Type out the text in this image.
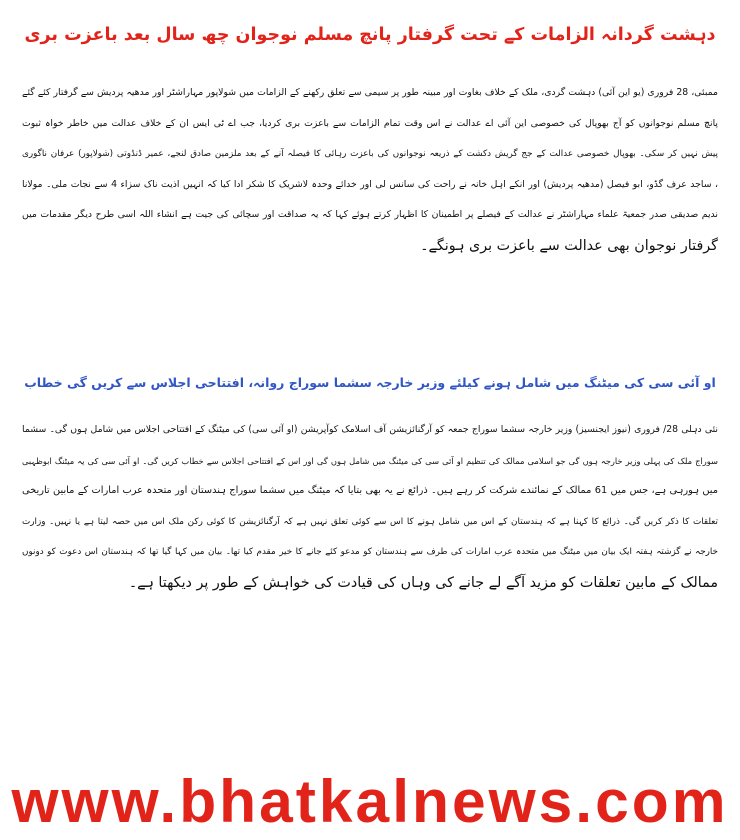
دہشت گردانہ الزامات کے تحت گرفتار پانچ مسلم نوجوان چھ سال بعد باعزت بری
ممبئی، 28 فروری (یو این آئی) دہشت گردی، ملک کے خلاف بغاوت اور مبینہ طور پر سیمی سے تعلق رکھنے کے الزامات میں شولاپور مہاراشٹر اور مدھیہ پردیش سے گرفتار کئے گئے
پانچ مسلم نوجوانوں کو آج بھوپال کی خصوصی این آئی اے عدالت نے اس وقت تمام الزامات سے باعزت بری کردیا، جب اے ٹی ایس ان کے خلاف عدالت میں خاطر خواہ ثبوت
پیش نہیں کر سکی۔ بھوپال خصوصی عدالت کے جج گریش دکشت کے ذریعہ نوجوانوں کی باعزت رہائی کا فیصلہ آنے کے بعد ملزمین صادق لنجے، عمیر ڈنڈوتی (شولاپور) عرفان ناگوری
، ساجد عرف گڈو، ابو فیصل (مدھیہ پردیش) اور انکے اہل خانہ نے راحت کی سانس لی اور خدائے وحدہ لاشریک کا شکر ادا کیا کہ انہیں اذیت ناک سزاء 4 سے نجات ملی۔ مولانا
ندیم صدیقی صدر جمعیۃ علماء مہاراشٹر نے عدالت کے فیصلے پر اطمینان کا اظہار کرتے ہوئے کہا کہ یہ صداقت اور سچائی کی جیت ہے انشاء اللہ اسی طرح دیگر مقدمات میں
گرفتار نوجوان بھی عدالت سے باعزت بری ہونگے۔
او آئی سی کی میٹنگ میں شامل ہونے کیلئے وزیر خارجہ سشما سوراج روانہ، افتتاحی اجلاس سے کریں گی خطاب
نئی دہلی 28/ فروری (نیوز ایجنسیز) وزیر خارجہ سشما سوراج جمعہ کو آرگنائزیشن آف اسلامک کوآپریشن (او آئی سی) کی میٹنگ کے افتتاحی اجلاس میں شامل ہوں گی۔ سشما
سوراج ملک کی پہلی وزیر خارجہ ہوں گی جو اسلامی ممالک کی تنظیم او آئی سی کی میٹنگ میں شامل ہوں گی اور اس کے افتتاحی اجلاس سے خطاب کریں گی۔ او آئی سی کی یہ میٹنگ ابوظہبی
میں ہورہی ہے، جس میں 61 ممالک کے نمائندے شرکت کر رہے ہیں۔ ذرائع نے یہ بھی بتایا کہ میٹنگ میں سشما سوراج ہندستان اور متحدہ عرب امارات کے مابین تاریخی
تعلقات کا ذکر کریں گی۔ ذرائع کا کہنا ہے کہ ہندستان کے اس میں شامل ہونے کا اس سے کوئی تعلق نہیں ہے کہ آرگنائزیشن کا کوئی رکن ملک اس میں حصہ لیتا ہے یا نہیں۔ وزارت
خارجہ نے گزشتہ ہفتہ ایک بیان میں میٹنگ میں متحدہ عرب امارات کی طرف سے ہندستان کو مدعو کئے جانے کا خیر مقدم کیا تھا۔ بیان میں کہا گیا تھا کہ ہندستان اس دعوت کو دونوں
ممالک کے مابین تعلقات کو مزید آگے لے جانے کی وہاں کی قیادت کی خواہش کے طور پر دیکھتا ہے۔
www.bhatkalnews.com
